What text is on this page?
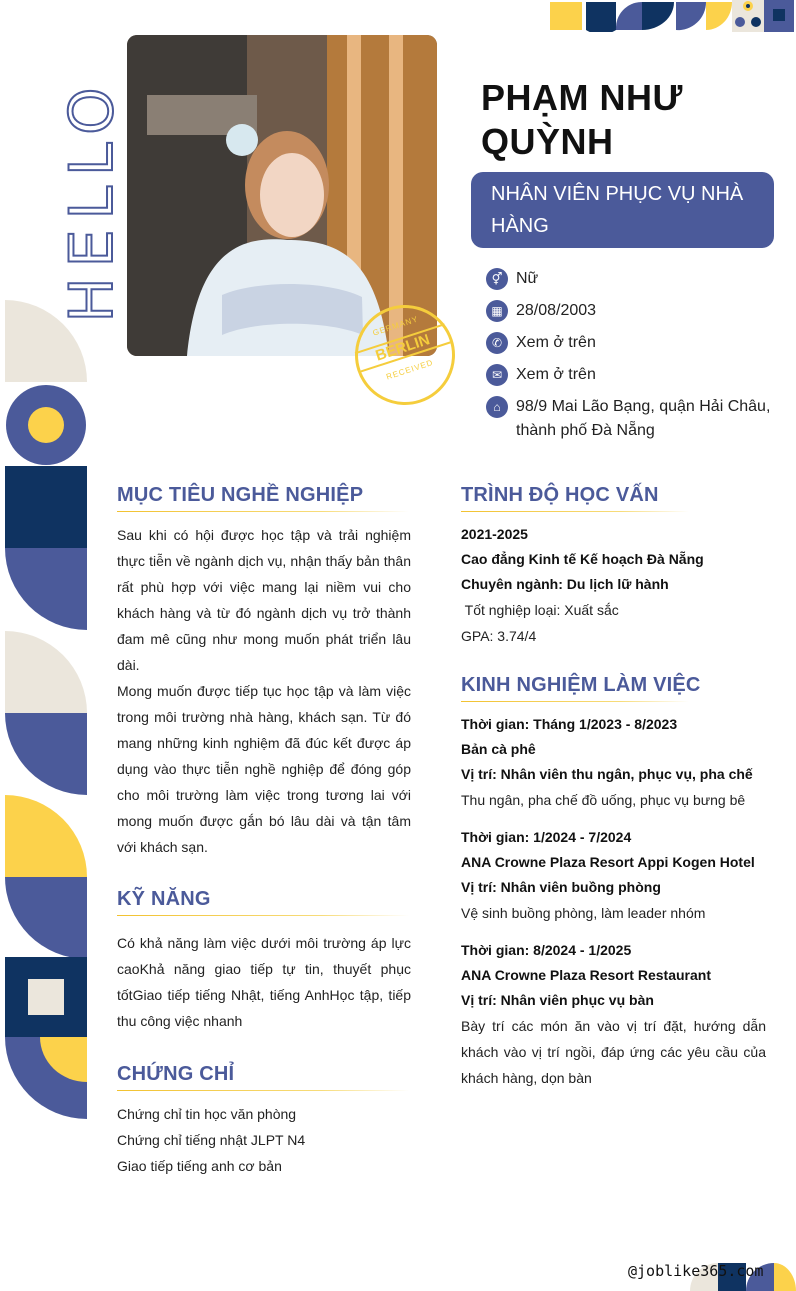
HELLO
GERMANY
BERLIN
RECEIVED
PHẠM NHƯ QUỲNH
NHÂN VIÊN PHỤC VỤ NHÀ HÀNG
⚥ Nữ
▦ 28/08/2003
✆ Xem ở trên
✉ Xem ở trên
⌂ 98/9 Mai Lão Bạng, quận Hải Châu, thành phố Đà Nẵng
MỤC TIÊU NGHỀ NGHIỆP
Sau khi có hội được học tập và trải nghiệm thực tiễn về ngành dịch vụ, nhận thấy bản thân rất phù hợp với việc mang lại niềm vui cho khách hàng và từ đó ngành dịch vụ trở thành đam mê cũng như mong muốn phát triển lâu dài.
Mong muốn được tiếp tục học tập và làm việc trong môi trường nhà hàng, khách sạn. Từ đó mang những kinh nghiệm đã đúc kết được áp dụng vào thực tiễn nghề nghiệp để đóng góp cho môi trường làm việc trong tương lai với mong muốn được gắn bó lâu dài và tận tâm với khách sạn.
KỸ NĂNG
Có khả năng làm việc dưới môi trường áp lực caoKhả năng giao tiếp tự tin, thuyết phục tốtGiao tiếp tiếng Nhật, tiếng AnhHọc tập, tiếp thu công việc nhanh
CHỨNG CHỈ
Chứng chỉ tin học văn phòng
Chứng chỉ tiếng nhật JLPT N4
Giao tiếp tiếng anh cơ bản
TRÌNH ĐỘ HỌC VẤN
2021-2025
Cao đẳng Kinh tế Kế hoạch Đà Nẵng
Chuyên ngành: Du lịch lữ hành
Tốt nghiệp loại: Xuất sắc
GPA: 3.74/4
KINH NGHIỆM LÀM VIỆC
Thời gian: Tháng 1/2023 - 8/2023
Bản cà phê
Vị trí: Nhân viên thu ngân, phục vụ, pha chế
Thu ngân, pha chế đồ uống, phục vụ bưng bê
Thời gian: 1/2024 - 7/2024
ANA Crowne Plaza Resort Appi Kogen Hotel
Vị trí: Nhân viên buồng phòng
Vệ sinh buồng phòng, làm leader nhóm
Thời gian: 8/2024 - 1/2025
ANA Crowne Plaza Resort Restaurant
Vị trí: Nhân viên phục vụ bàn
Bày trí các món ăn vào vị trí đặt, hướng dẫn khách vào vị trí ngồi, đáp ứng các yêu cầu của khách hàng, dọn bàn
@joblike365.com
